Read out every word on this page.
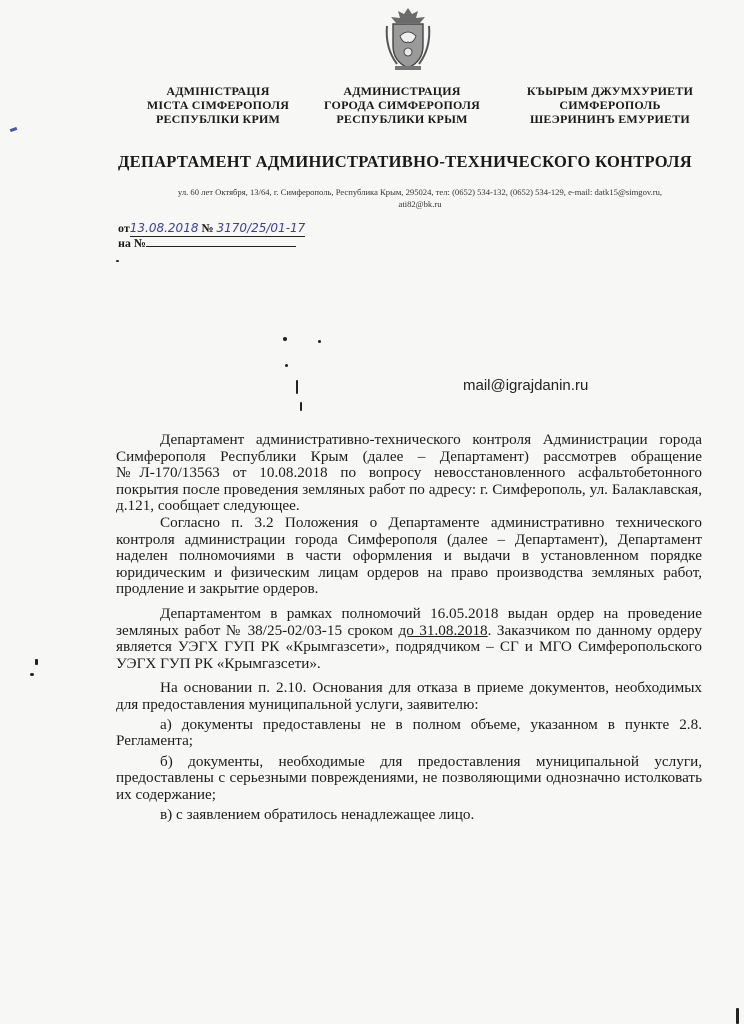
АДМІНІСТРАЦІЯ
МІСТА СІМФЕРОПОЛЯ
РЕСПУБЛІКИ КРИМ
АДМИНИСТРАЦИЯ
ГОРОДА СИМФЕРОПОЛЯ
РЕСПУБЛИКИ КРЫМ
КЪЫРЫМ ДЖУМХУРИЕТИ
СИМФЕРОПОЛЬ
ШЕЭРИНИНЪ ЕМУРИЕТИ
ДЕПАРТАМЕНТ АДМИНИСТРАТИВНО-ТЕХНИЧЕСКОГО КОНТРОЛЯ
ул. 60 лет Октября, 13/64, г. Симферополь, Республика Крым, 295024, тел: (0652) 534-132, (0652) 534-129, e-mail: datk15@simgov.ru,
ati82@bk.ru
от13.08.2018 № 3170/25/01-17
на №
mail@igrajdanin.ru

Департамент административно-технического контроля Администрации города Симферополя Республики Крым (далее – Департамент) рассмотрев обращение №Л-170/13563 от 10.08.2018 по вопросу невосстановленного асфальтобетонного покрытия после проведения земляных работ по адресу: г. Симферополь, ул. Балаклавская, д.121, сообщает следующее.

Согласно п. 3.2 Положения о Департаменте административно технического контроля администрации города Симферополя (далее – Департамент), Департамент наделен полномочиями в части оформления и выдачи в установленном порядке юридическим и физическим лицам ордеров на право производства земляных работ, продление и закрытие ордеров.

Департаментом в рамках полномочий 16.05.2018 выдан ордер на проведение земляных работ № 38/25-02/03-15 сроком до 31.08.2018. Заказчиком по данному ордеру является УЭГХ ГУП РК «Крымгазсети», подрядчиком – СГ и МГО Симферопольского УЭГХ ГУП РК «Крымгазсети».

На основании п. 2.10. Основания для отказа в приеме документов, необходимых для предоставления муниципальной услуги, заявителю:

а) документы предоставлены не в полном объеме, указанном в пункте 2.8. Регламента;

б) документы, необходимые для предоставления муниципальной услуги, предоставлены с серьезными повреждениями, не позволяющими однозначно истолковать их содержание;

в) с заявлением обратилось ненадлежащее лицо.
